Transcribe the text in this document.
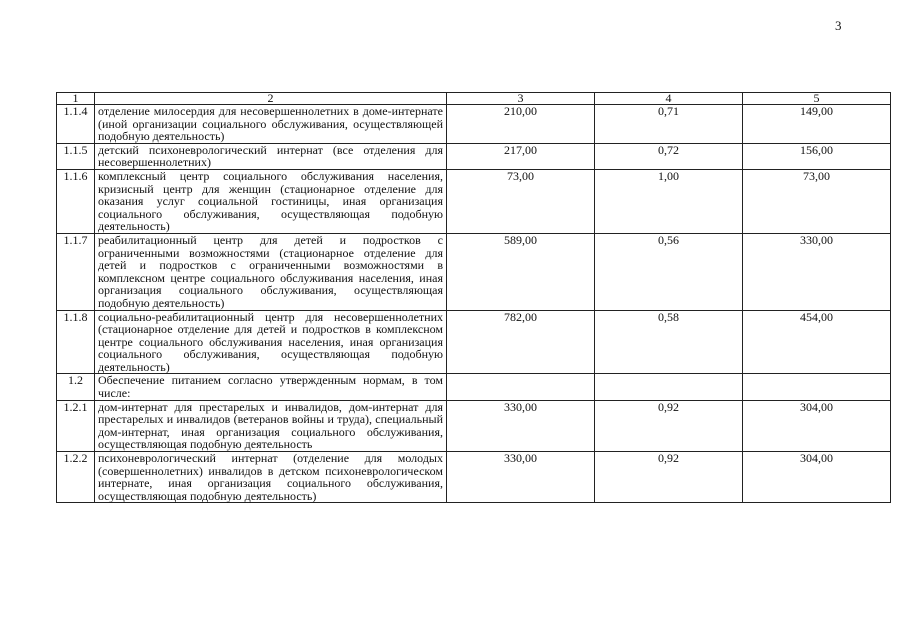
3
1	2	3	4	5
1.1.4	отделение милосердия для несовершеннолетних в доме-интернате (иной организации социального обслуживания, осуществляющей подобную деятельность)	210,00	0,71	149,00
1.1.5	детский психоневрологический интернат (все отделения для несовершеннолетних)	217,00	0,72	156,00
1.1.6	комплексный центр социального обслуживания населения, кризисный центр для женщин (стационарное отделение для оказания услуг социальной гостиницы, иная организация социального обслуживания, осуществляющая подобную деятельность)	73,00	1,00	73,00
1.1.7	реабилитационный центр для детей и подростков с ограниченными возможностями (стационарное отделение для детей и подростков с ограниченными возможностями в комплексном центре социального обслуживания населения, иная организация социального обслуживания, осуществляющая подобную деятельность)	589,00	0,56	330,00
1.1.8	социально-реабилитационный центр для несовершеннолетних (стационарное отделение для детей и подростков в комплексном центре социального обслуживания населения, иная организация социального обслуживания, осуществляющая подобную деятельность)	782,00	0,58	454,00
1.2	Обеспечение питанием согласно утвержденным нормам, в том числе:			
1.2.1	дом-интернат для престарелых и инвалидов, дом-интернат для престарелых и инвалидов (ветеранов войны и труда), специальный дом-интернат, иная организация социального обслуживания, осуществляющая подобную деятельность	330,00	0,92	304,00
1.2.2	психоневрологический интернат (отделение для молодых (совершеннолетних) инвалидов в детском психоневрологическом интернате, иная организация социального обслуживания, осуществляющая подобную деятельность)	330,00	0,92	304,00
